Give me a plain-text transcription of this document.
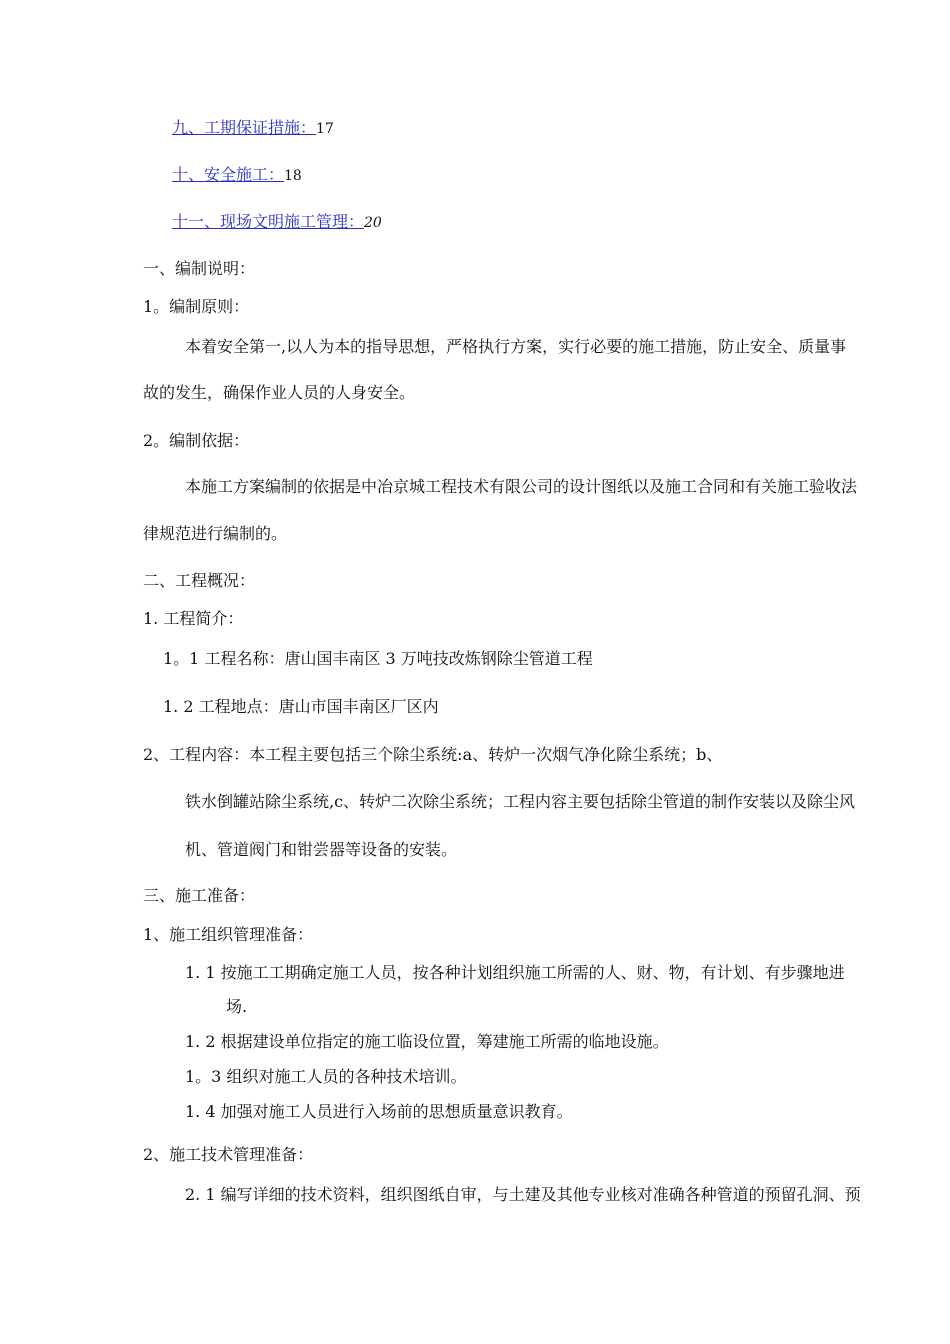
九、工期保证措施：17
十、安全施工：18
十一、现场文明施工管理：20
一、编制说明：
1。编制原则：
本着安全第一,以人为本的指导思想，严格执行方案，实行必要的施工措施，防止安全、质量事
故的发生，确保作业人员的人身安全。
2。编制依据：
本施工方案编制的依据是中冶京城工程技术有限公司的设计图纸以及施工合同和有关施工验收法
律规范进行编制的。
二、工程概况：
1. 工程简介：
1。1 工程名称：唐山国丰南区 3 万吨技改炼钢除尘管道工程
1. 2 工程地点：唐山市国丰南区厂区内
2、工程内容：本工程主要包括三个除尘系统:a、转炉一次烟气净化除尘系统；b、
铁水倒罐站除尘系统,c、转炉二次除尘系统；工程内容主要包括除尘管道的制作安装以及除尘风
机、管道阀门和钳尝器等设备的安装。
三、施工准备：
1、施工组织管理准备：
1. 1 按施工工期确定施工人员，按各种计划组织施工所需的人、财、物，有计划、有步骤地进
场.
1. 2 根据建设单位指定的施工临设位置，筹建施工所需的临地设施。
1。3 组织对施工人员的各种技术培训。
1. 4 加强对施工人员进行入场前的思想质量意识教育。
2、施工技术管理准备：
2. 1 编写详细的技术资料，组织图纸自审，与土建及其他专业核对准确各种管道的预留孔洞、预
